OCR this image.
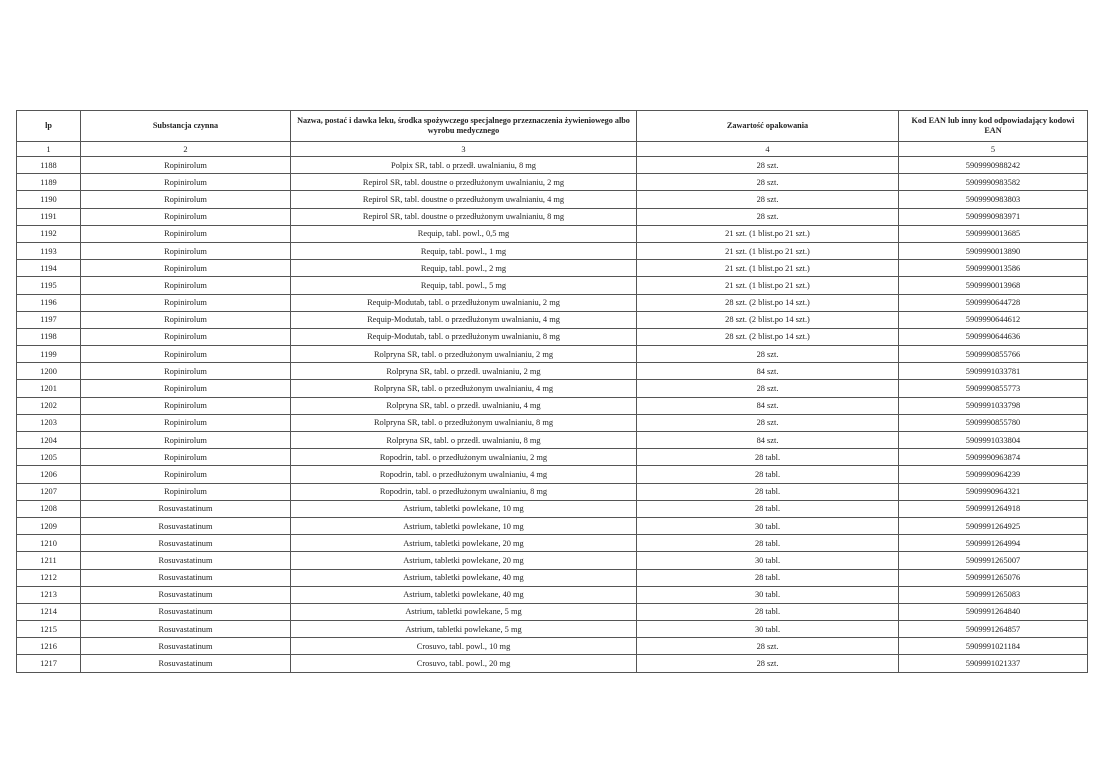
lp	Substancja czynna	Nazwa, postać i dawka leku, środka spożywczego specjalnego przeznaczenia żywieniowego albo wyrobu medycznego	Zawartość opakowania	Kod EAN lub inny kod odpowiadający kodowi EAN
1	2	3	4	5
1188	Ropinirolum	Polpix SR, tabl. o przedł. uwalnianiu, 8 mg	28 szt.	5909990988242
1189	Ropinirolum	Repirol SR, tabl. doustne o przedłużonym uwalnianiu, 2 mg	28 szt.	5909990983582
1190	Ropinirolum	Repirol SR, tabl. doustne o przedłużonym uwalnianiu, 4 mg	28 szt.	5909990983803
1191	Ropinirolum	Repirol SR, tabl. doustne o przedłużonym uwalnianiu, 8 mg	28 szt.	5909990983971
1192	Ropinirolum	Requip, tabl. powl., 0,5 mg	21 szt. (1 blist.po 21 szt.)	5909990013685
1193	Ropinirolum	Requip, tabl. powl., 1 mg	21 szt. (1 blist.po 21 szt.)	5909990013890
1194	Ropinirolum	Requip, tabl. powl., 2 mg	21 szt. (1 blist.po 21 szt.)	5909990013586
1195	Ropinirolum	Requip, tabl. powl., 5 mg	21 szt. (1 blist.po 21 szt.)	5909990013968
1196	Ropinirolum	Requip-Modutab, tabl. o przedłużonym uwalnianiu, 2 mg	28 szt. (2 blist.po 14 szt.)	5909990644728
1197	Ropinirolum	Requip-Modutab, tabl. o przedłużonym uwalnianiu, 4 mg	28 szt. (2 blist.po 14 szt.)	5909990644612
1198	Ropinirolum	Requip-Modutab, tabl. o przedłużonym uwalnianiu, 8 mg	28 szt. (2 blist.po 14 szt.)	5909990644636
1199	Ropinirolum	Rolpryna SR, tabl. o przedłużonym uwalnianiu, 2 mg	28 szt.	5909990855766
1200	Ropinirolum	Rolpryna SR, tabl. o przedł. uwalnianiu, 2 mg	84 szt.	5909991033781
1201	Ropinirolum	Rolpryna SR, tabl. o przedłużonym uwalnianiu, 4 mg	28 szt.	5909990855773
1202	Ropinirolum	Rolpryna SR, tabl. o przedł. uwalnianiu, 4 mg	84 szt.	5909991033798
1203	Ropinirolum	Rolpryna SR, tabl. o przedłużonym uwalnianiu, 8 mg	28 szt.	5909990855780
1204	Ropinirolum	Rolpryna SR, tabl. o przedł. uwalnianiu, 8 mg	84 szt.	5909991033804
1205	Ropinirolum	Ropodrin, tabl. o przedłużonym uwalnianiu, 2 mg	28 tabl.	5909990963874
1206	Ropinirolum	Ropodrin, tabl. o przedłużonym uwalnianiu, 4 mg	28 tabl.	5909990964239
1207	Ropinirolum	Ropodrin, tabl. o przedłużonym uwalnianiu, 8 mg	28 tabl.	5909990964321
1208	Rosuvastatinum	Astrium, tabletki powlekane, 10 mg	28 tabl.	5909991264918
1209	Rosuvastatinum	Astrium, tabletki powlekane, 10 mg	30 tabl.	5909991264925
1210	Rosuvastatinum	Astrium, tabletki powlekane, 20 mg	28 tabl.	5909991264994
1211	Rosuvastatinum	Astrium, tabletki powlekane, 20 mg	30 tabl.	5909991265007
1212	Rosuvastatinum	Astrium, tabletki powlekane, 40 mg	28 tabl.	5909991265076
1213	Rosuvastatinum	Astrium, tabletki powlekane, 40 mg	30 tabl.	5909991265083
1214	Rosuvastatinum	Astrium, tabletki powlekane, 5 mg	28 tabl.	5909991264840
1215	Rosuvastatinum	Astrium, tabletki powlekane, 5 mg	30 tabl.	5909991264857
1216	Rosuvastatinum	Crosuvo, tabl. powl., 10 mg	28 szt.	5909991021184
1217	Rosuvastatinum	Crosuvo, tabl. powl., 20 mg	28 szt.	5909991021337
